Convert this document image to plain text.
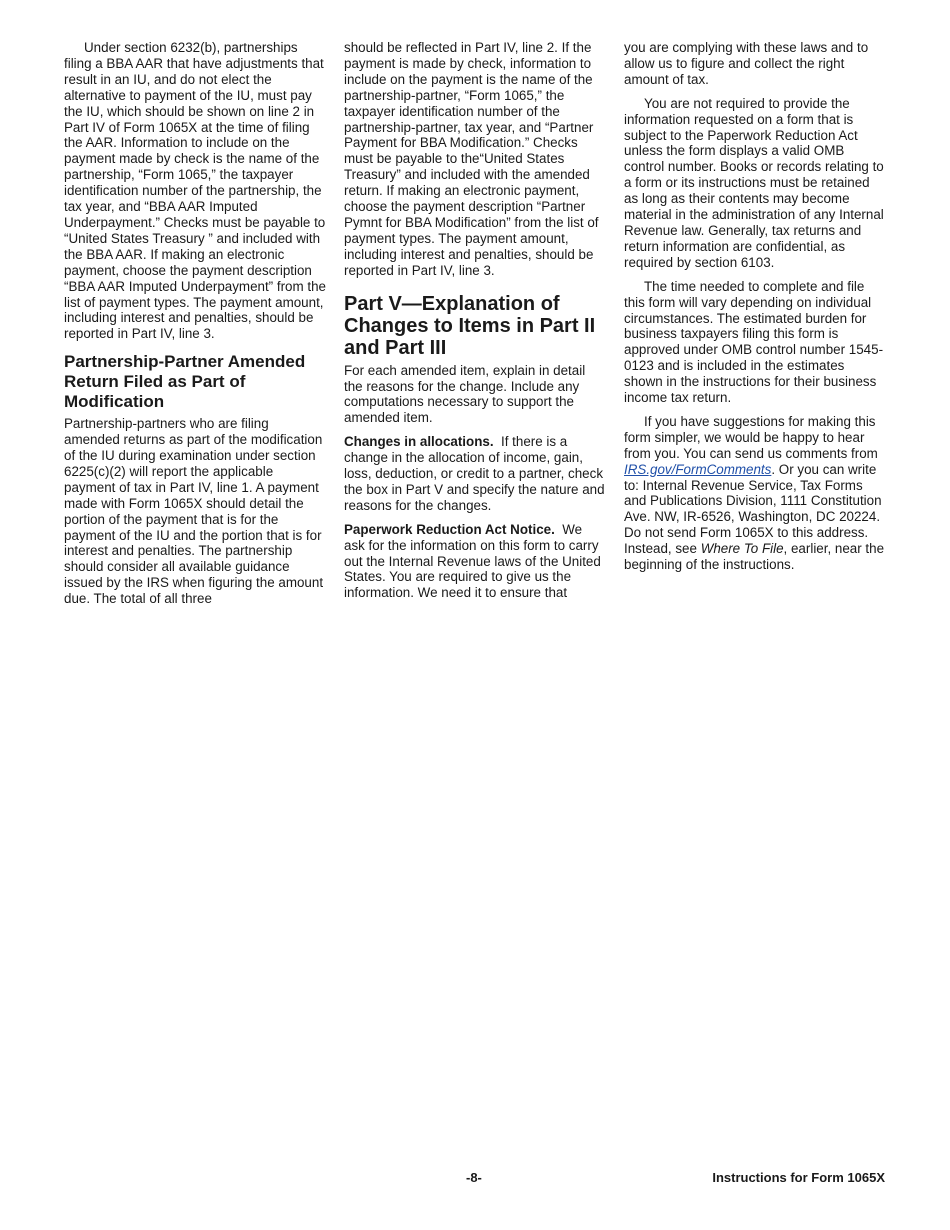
Under section 6232(b), partnerships filing a BBA AAR that have adjustments that result in an IU, and do not elect the alternative to payment of the IU, must pay the IU, which should be shown on line 2 in Part IV of Form 1065X at the time of filing the AAR. Information to include on the payment made by check is the name of the partnership, “Form 1065,” the taxpayer identification number of the partnership, the tax year, and “BBA AAR Imputed Underpayment.” Checks must be payable to “United States Treasury ” and included with the BBA AAR. If making an electronic payment, choose the payment description “BBA AAR Imputed Underpayment” from the list of payment types. The payment amount, including interest and penalties, should be reported in Part IV, line 3.

Partnership-Partner Amended Return Filed as Part of Modification

Partnership-partners who are filing amended returns as part of the modification of the IU during examination under section 6225(c)(2) will report the applicable payment of tax in Part IV, line 1. A payment made with Form 1065X should detail the portion of the payment that is for the payment of the IU and the portion that is for interest and penalties. The partnership should consider all available guidance issued by the IRS when figuring the amount due. The total of all three

should be reflected in Part IV, line 2. If the payment is made by check, information to include on the payment is the name of the partnership-partner, “Form 1065,” the taxpayer identification number of the partnership-partner, tax year, and “Partner Payment for BBA Modification.” Checks must be payable to the“United States Treasury” and included with the amended return. If making an electronic payment, choose the payment description “Partner Pymnt for BBA Modification” from the list of payment types. The payment amount, including interest and penalties, should be reported in Part IV, line 3.

Part V—Explanation of Changes to Items in Part II and Part III

For each amended item, explain in detail the reasons for the change. Include any computations necessary to support the amended item.

Changes in allocations. If there is a change in the allocation of income, gain, loss, deduction, or credit to a partner, check the box in Part V and specify the nature and reasons for the changes.

Paperwork Reduction Act Notice. We ask for the information on this form to carry out the Internal Revenue laws of the United States. You are required to give us the information. We need it to ensure that

you are complying with these laws and to allow us to figure and collect the right amount of tax.

You are not required to provide the information requested on a form that is subject to the Paperwork Reduction Act unless the form displays a valid OMB control number. Books or records relating to a form or its instructions must be retained as long as their contents may become material in the administration of any Internal Revenue law. Generally, tax returns and return information are confidential, as required by section 6103.

The time needed to complete and file this form will vary depending on individual circumstances. The estimated burden for business taxpayers filing this form is approved under OMB control number 1545-0123 and is included in the estimates shown in the instructions for their business income tax return.

If you have suggestions for making this form simpler, we would be happy to hear from you. You can send us comments from IRS.gov/FormComments. Or you can write to: Internal Revenue Service, Tax Forms and Publications Division, 1111 Constitution Ave. NW, IR-6526, Washington, DC 20224. Do not send Form 1065X to this address. Instead, see Where To File, earlier, near the beginning of the instructions.

-8-	Instructions for Form 1065X
